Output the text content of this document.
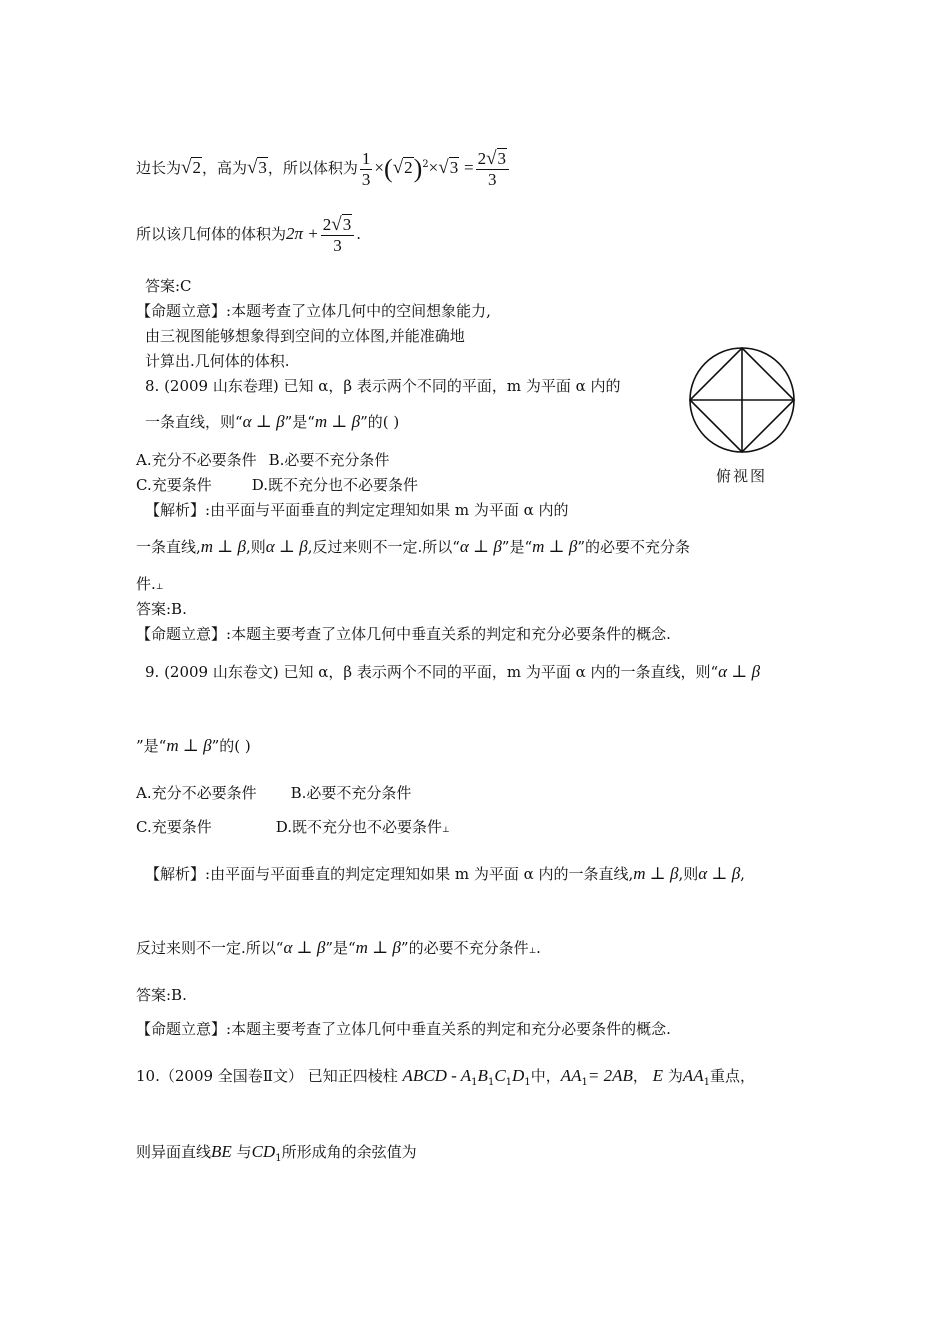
边长为√2，高为√3，所以体积为 $\frac{1}{3} \times(√2)^2\times√3 = \frac{2√3}{3}$
所以该几何体的体积为$2\pi + \frac{2√3}{3}$ .
答案:C
【命题立意】:本题考查了立体几何中的空间想象能力,
由三视图能够想象得到空间的立体图,并能准确地
计算出.几何体的体积.
8. (2009 山东卷理) 已知 α，β 表示两个不同的平面，m 为平面 α 内的
一条直线，则“α ⊥ β”是“m ⊥ β”的( )
A.充分不必要条件 B.必要不充分条件
C.充要条件	D.既不充分也不必要条件	俯视图
【解析】:由平面与平面垂直的判定定理知如果 m 为平面 α 内的
一条直线,m ⊥ β,则α ⊥ β,反过来则不一定.所以“α ⊥ β”是“m ⊥ β”的必要不充分条
件.⊥
答案:B.
【命题立意】:本题主要考查了立体几何中垂直关系的判定和充分必要条件的概念.
9. (2009 山东卷文) 已知 α，β 表示两个不同的平面，m 为平面 α 内的一条直线，则“α ⊥ β
”是“m ⊥ β”的( )
A.充分不必要条件 B.必要不充分条件
C.充要条件	D.既不充分也不必要条件⊥
【解析】:由平面与平面垂直的判定定理知如果 m 为平面 α 内的一条直线,m ⊥ β,则α ⊥ β,
反过来则不一定.所以“α ⊥ β”是“m ⊥ β”的必要不充分条件⊥.
答案:B.
【命题立意】:本题主要考查了立体几何中垂直关系的判定和充分必要条件的概念.
10.（2009 全国卷Ⅱ文） 已知正四棱柱 ABCD - $A_1B_1C_1D_1$中，$AA_1= 2AB$， E 为$AA_1$重点，
则异面直线BE 与$CD_1$所形成角的余弦值为
